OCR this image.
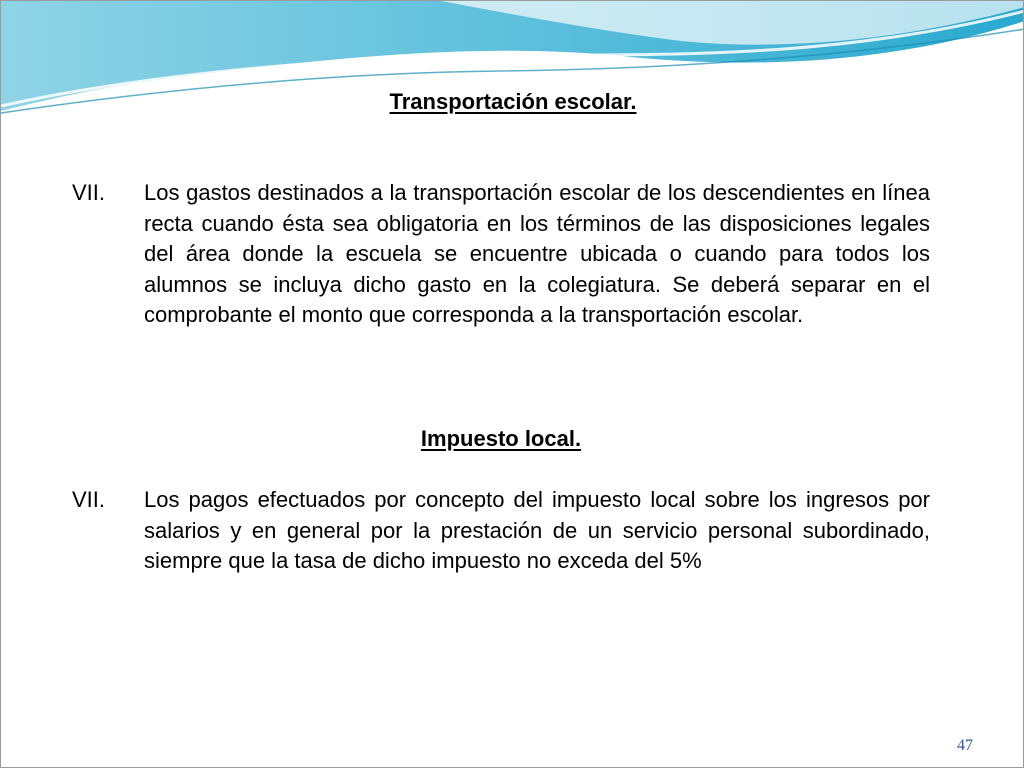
Transportación escolar.
VII.	Los gastos destinados a la transportación escolar de los descendientes en línea recta cuando ésta sea obligatoria en los términos de las disposiciones legales del área donde la escuela se encuentre ubicada o cuando para todos los alumnos se incluya dicho gasto en la colegiatura. Se deberá separar en el comprobante el monto que corresponda a la transportación escolar.
Impuesto local.
VII.	Los pagos efectuados por concepto del impuesto local sobre los ingresos por salarios y en general por la prestación de un servicio personal subordinado, siempre que la tasa de dicho impuesto no exceda del 5%
47
